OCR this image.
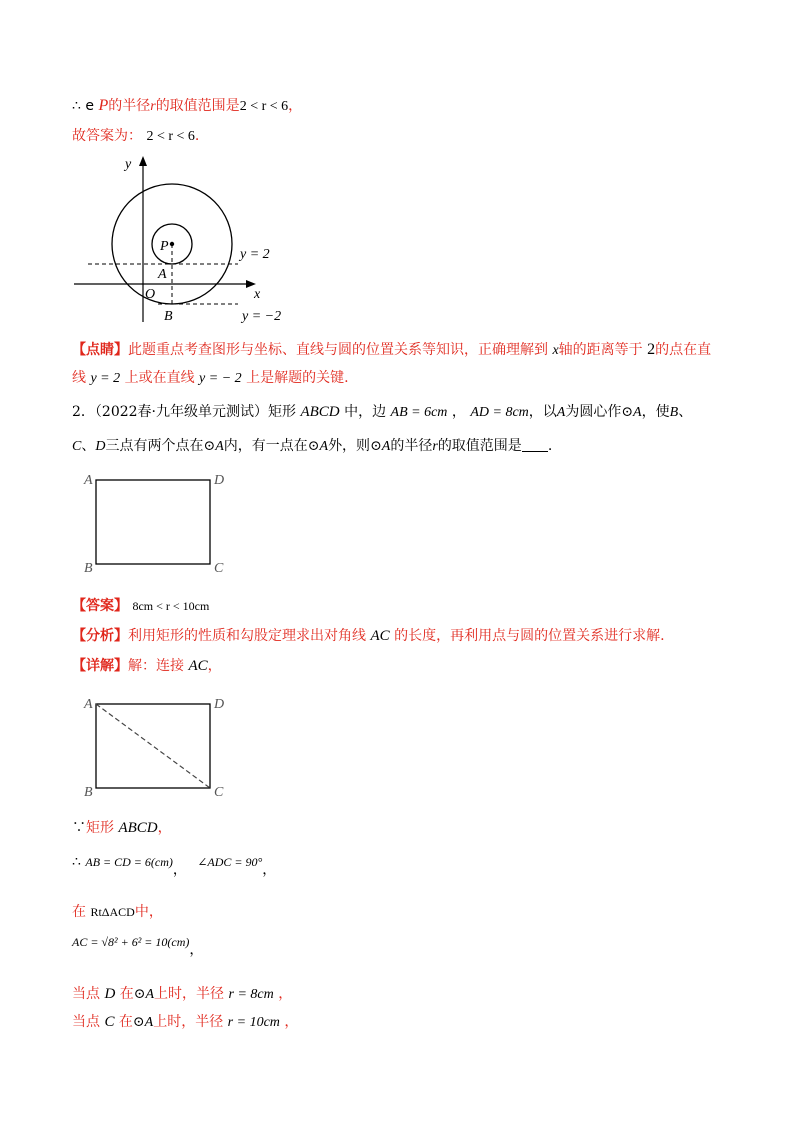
∴ e P的半径r的取值范围是2 < r < 6，
故答案为： 2 < r < 6.
y
x
O
P
A
B
y = 2
y = −2
【点睛】此题重点考查图形与坐标、直线与圆的位置关系等知识，正确理解到 x轴的距离等于 2的点在直
线 y = 2 上或在直线 y = − 2 上是解题的关键.
2．（2022春·九年级单元测试）矩形 ABCD 中，边 AB = 6cm ， AD = 8cm，以A为圆心作⊙A，使B、
C、D三点有两个点在⊙A内，有一点在⊙A外，则⊙A的半径r的取值范围是 .
A	D
B	C
【答案】 8cm < r < 10cm
【分析】利用矩形的性质和勾股定理求出对角线 AC 的长度，再利用点与圆的位置关系进行求解.
【详解】解：连接 AC，
A	D
B	C
∵矩形 ABCD，
∴ AB = CD = 6(cm)， ∠ADC = 90°，
在 RtΔACD中，
AC = √8² + 6² = 10(cm)，
当点 D 在⊙A上时，半径 r = 8cm ，
当点 C 在⊙A上时，半径 r = 10cm ，
